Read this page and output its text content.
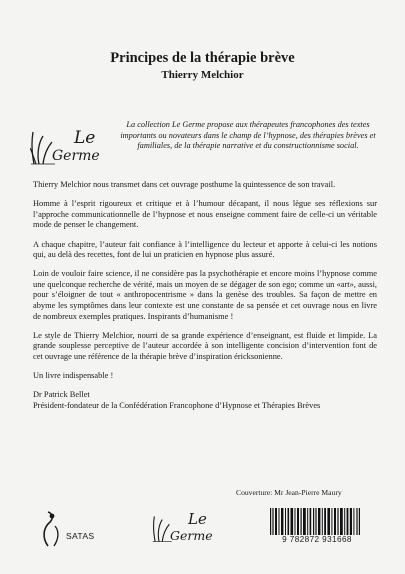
Principes de la thérapie brève
Thierry Melchior
Le
Germe
La collection Le Germe propose aux thérapeutes francophones des textes importants ou novateurs dans le champ de l’hypnose, des thérapies brèves et familiales, de la thérapie narrative et du constructionnisme social.

Thierry Melchior nous transmet dans cet ouvrage posthume la quintessence de son travail.

Homme à l’esprit rigoureux et critique et à l’humour décapant, il nous lègue ses réflexions sur l’approche communicationnelle de l’hypnose et nous enseigne comment faire de celle-ci un véritable mode de penser le changement.

A chaque chapitre, l’auteur fait confiance à l’intelligence du lecteur et apporte à celui-ci les notions qui, au delà des recettes, font de lui un praticien en hypnose plus assuré.

Loin de vouloir faire science, il ne considère pas la psychothérapie et encore moins l’hypnose comme une quelconque recherche de vérité, mais un moyen de se dégager de son ego; comme un «art», aussi, pour s’éloigner de tout « anthropocentrisme » dans la genèse des troubles. Sa façon de mettre en abyme les symptômes dans leur contexte est une constante de sa pensée et cet ouvrage nous en livre de nombreux exemples pratiques. Inspirants d’humanisme !

Le style de Thierry Melchior, nourri de sa grande expérience d’enseignant, est fluide et limpide. La grande souplesse perceptive de l’auteur accordée à son intelligente concision d’intervention font de cet ouvrage une référence de la thérapie brève d’inspiration éricksonienne.

Un livre indispensable !

Dr Patrick Bellet
Président-fondateur de la Confédération Francophone d’Hypnose et Thérapies Brèves
Couverture: Mr Jean-Pierre Maury
SATAS
Le
Germe	9 782872 931668
